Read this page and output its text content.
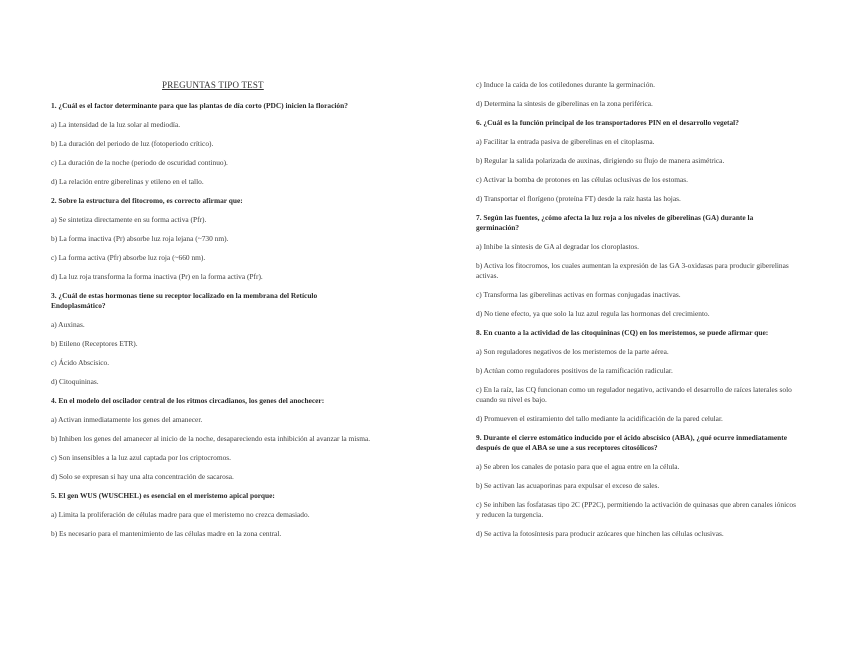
PREGUNTAS TIPO TEST

1. ¿Cuál es el factor determinante para que las plantas de día corto (PDC) inicien la floración?

a) La intensidad de la luz solar al mediodía.

b) La duración del periodo de luz (fotoperiodo crítico).

c) La duración de la noche (periodo de oscuridad continuo).

d) La relación entre giberelinas y etileno en el tallo.

2. Sobre la estructura del fitocromo, es correcto afirmar que:

a) Se sintetiza directamente en su forma activa (Pfr).

b) La forma inactiva (Pr) absorbe luz roja lejana (~730 nm).

c) La forma activa (Pfr) absorbe luz roja (~660 nm).

d) La luz roja transforma la forma inactiva (Pr) en la forma activa (Pfr).

3. ¿Cuál de estas hormonas tiene su receptor localizado en la membrana del Retículo Endoplasmático?

a) Auxinas.

b) Etileno (Receptores ETR).

c) Ácido Abscísico.

d) Citoquininas.

4. En el modelo del oscilador central de los ritmos circadianos, los genes del anochecer:

a) Activan inmediatamente los genes del amanecer.

b) Inhiben los genes del amanecer al inicio de la noche, desapareciendo esta inhibición al avanzar la misma.

c) Son insensibles a la luz azul captada por los criptocromos.

d) Solo se expresan si hay una alta concentración de sacarosa.

5. El gen WUS (WUSCHEL) es esencial en el meristemo apical porque:

a) Limita la proliferación de células madre para que el meristemo no crezca demasiado.

b) Es necesario para el mantenimiento de las células madre en la zona central.

c) Induce la caída de los cotiledones durante la germinación.

d) Determina la síntesis de giberelinas en la zona periférica.

6. ¿Cuál es la función principal de los transportadores PIN en el desarrollo vegetal?

a) Facilitar la entrada pasiva de giberelinas en el citoplasma.

b) Regular la salida polarizada de auxinas, dirigiendo su flujo de manera asimétrica.

c) Activar la bomba de protones en las células oclusivas de los estomas.

d) Transportar el florígeno (proteína FT) desde la raíz hasta las hojas.

7. Según las fuentes, ¿cómo afecta la luz roja a los niveles de giberelinas (GA) durante la germinación?

a) Inhibe la síntesis de GA al degradar los cloroplastos.

b) Activa los fitocromos, los cuales aumentan la expresión de las GA 3-oxidasas para producir giberelinas activas.

c) Transforma las giberelinas activas en formas conjugadas inactivas.

d) No tiene efecto, ya que solo la luz azul regula las hormonas del crecimiento.

8. En cuanto a la actividad de las citoquininas (CQ) en los meristemos, se puede afirmar que:

a) Son reguladores negativos de los meristemos de la parte aérea.

b) Actúan como reguladores positivos de la ramificación radicular.

c) En la raíz, las CQ funcionan como un regulador negativo, activando el desarrollo de raíces laterales solo cuando su nivel es bajo.

d) Promueven el estiramiento del tallo mediante la acidificación de la pared celular.

9. Durante el cierre estomático inducido por el ácido abscísico (ABA), ¿qué ocurre inmediatamente después de que el ABA se une a sus receptores citosólicos?

a) Se abren los canales de potasio para que el agua entre en la célula.

b) Se activan las acuaporinas para expulsar el exceso de sales.

c) Se inhiben las fosfatasas tipo 2C (PP2C), permitiendo la activación de quinasas que abren canales iónicos y reducen la turgencia.

d) Se activa la fotosíntesis para producir azúcares que hinchen las células oclusivas.
